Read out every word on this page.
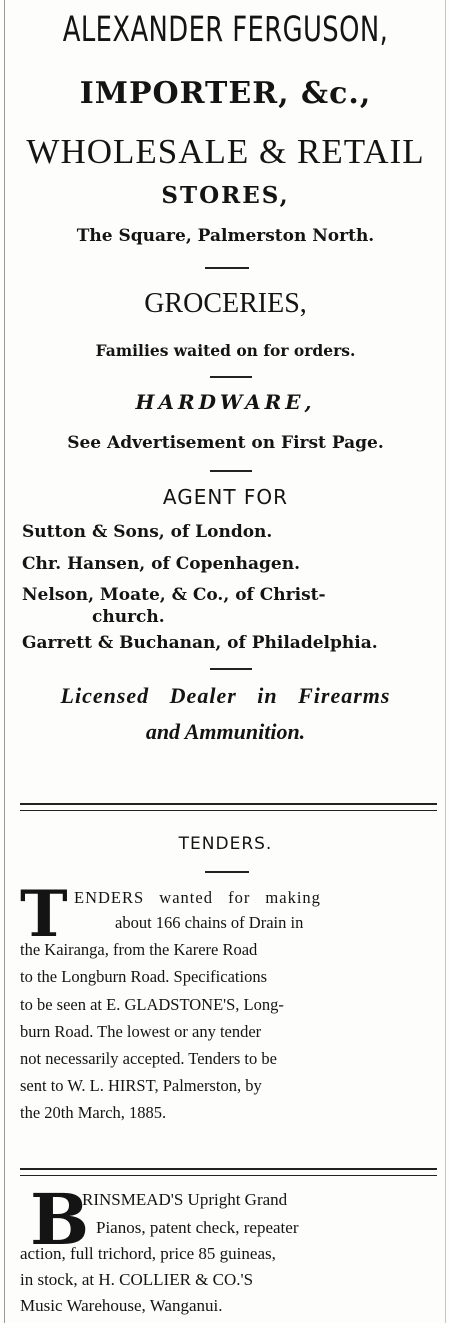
ALEXANDER FERGUSON,
IMPORTER, &c.,
WHOLESALE & RETAIL
STORES,
The Square, Palmerston North.
GROCERIES,
Families waited on for orders.
HARDWARE,
See Advertisement on First Page.
AGENT FOR
Sutton & Sons, of London.
Chr. Hansen, of Copenhagen.
Nelson, Moate, & Co., of Christ-
church.
Garrett & Buchanan, of Philadelphia.
Licensed Dealer in Firearms
and Ammunition.
TENDERS.
T ENDERS wanted for making
about 166 chains of Drain in
the Kairanga, from the Karere Road
to the Longburn Road. Specifications
to be seen at E. GLADSTONE'S, Long-
burn Road. The lowest or any tender
not necessarily accepted. Tenders to be
sent to W. L. HIRST, Palmerston, by
the 20th March, 1885.
B
RINSMEAD'S Upright Grand
Pianos, patent check, repeater
action, full trichord, price 85 guineas,
in stock, at H. COLLIER & CO.'S
Music Warehouse, Wanganui.
